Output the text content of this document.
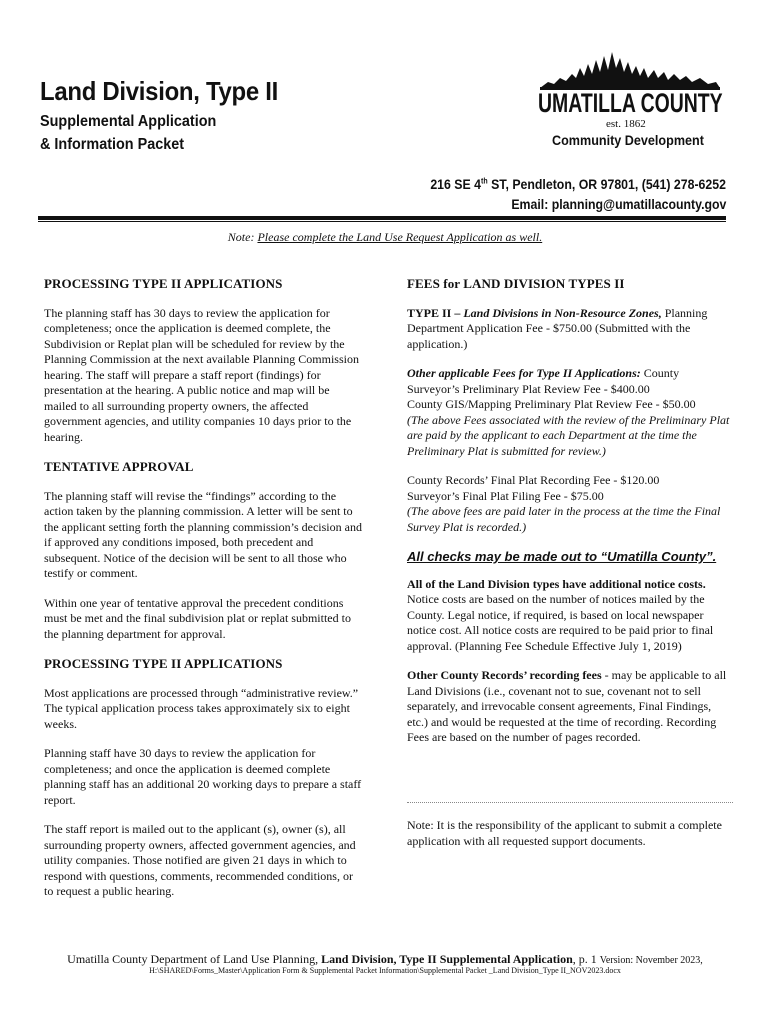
Land Division, Type II
Supplemental Application
& Information Packet
UMATILLA COUNTY
est. 1862
Community Development
216 SE 4th ST, Pendleton, OR 97801, (541) 278-6252
Email: planning@umatillacounty.gov
Note: Please complete the Land Use Request Application as well.
PROCESSING TYPE II APPLICATIONS

The planning staff has 30 days to review the application for completeness; once the application is deemed complete, the Subdivision or Replat plan will be scheduled for review by the Planning Commission at the next available Planning Commission hearing. The staff will prepare a staff report (findings) for presentation at the hearing. A public notice and map will be mailed to all surrounding property owners, the affected government agencies, and utility companies 10 days prior to the hearing.

TENTATIVE APPROVAL

The planning staff will revise the “findings” according to the action taken by the planning commission. A letter will be sent to the applicant setting forth the planning commission’s decision and if approved any conditions imposed, both precedent and subsequent. Notice of the decision will be sent to all those who testify or comment.

Within one year of tentative approval the precedent conditions must be met and the final subdivision plat or replat submitted to the planning department for approval.

PROCESSING TYPE II APPLICATIONS

Most applications are processed through “administrative review.” The typical application process takes approximately six to eight weeks.

Planning staff have 30 days to review the application for completeness; and once the application is deemed complete planning staff has an additional 20 working days to prepare a staff report.

The staff report is mailed out to the applicant (s), owner (s), all surrounding property owners, affected government agencies, and utility companies. Those notified are given 21 days in which to respond with questions, comments, recommended conditions, or to request a public hearing.

FEES for LAND DIVISION TYPES II

TYPE II – Land Divisions in Non-Resource Zones, Planning Department Application Fee - $750.00 (Submitted with the application.)

Other applicable Fees for Type II Applications: County Surveyor’s Preliminary Plat Review Fee - $400.00
County GIS/Mapping Preliminary Plat Review Fee - $50.00
(The above Fees associated with the review of the Preliminary Plat are paid by the applicant to each Department at the time the Preliminary Plat is submitted for review.)

County Records’ Final Plat Recording Fee - $120.00
Surveyor’s Final Plat Filing Fee - $75.00
(The above fees are paid later in the process at the time the Final Survey Plat is recorded.)

All checks may be made out to “Umatilla County”.

All of the Land Division types have additional notice costs. Notice costs are based on the number of notices mailed by the County. Legal notice, if required, is based on local newspaper notice cost. All notice costs are required to be paid prior to final approval. (Planning Fee Schedule Effective July 1, 2019)

Other County Records’ recording fees - may be applicable to all Land Divisions (i.e., covenant not to sue, covenant not to sell separately, and irrevocable consent agreements, Final Findings, etc.) and would be requested at the time of recording. Recording Fees are based on the number of pages recorded.

Note: It is the responsibility of the applicant to submit a complete application with all requested support documents.
Umatilla County Department of Land Use Planning, Land Division, Type II Supplemental Application, p. 1 Version: November 2023,
H:\SHARED\Forms_Master\Application Form & Supplemental Packet Information\Supplemental Packet _Land Division_Type II_NOV2023.docx
